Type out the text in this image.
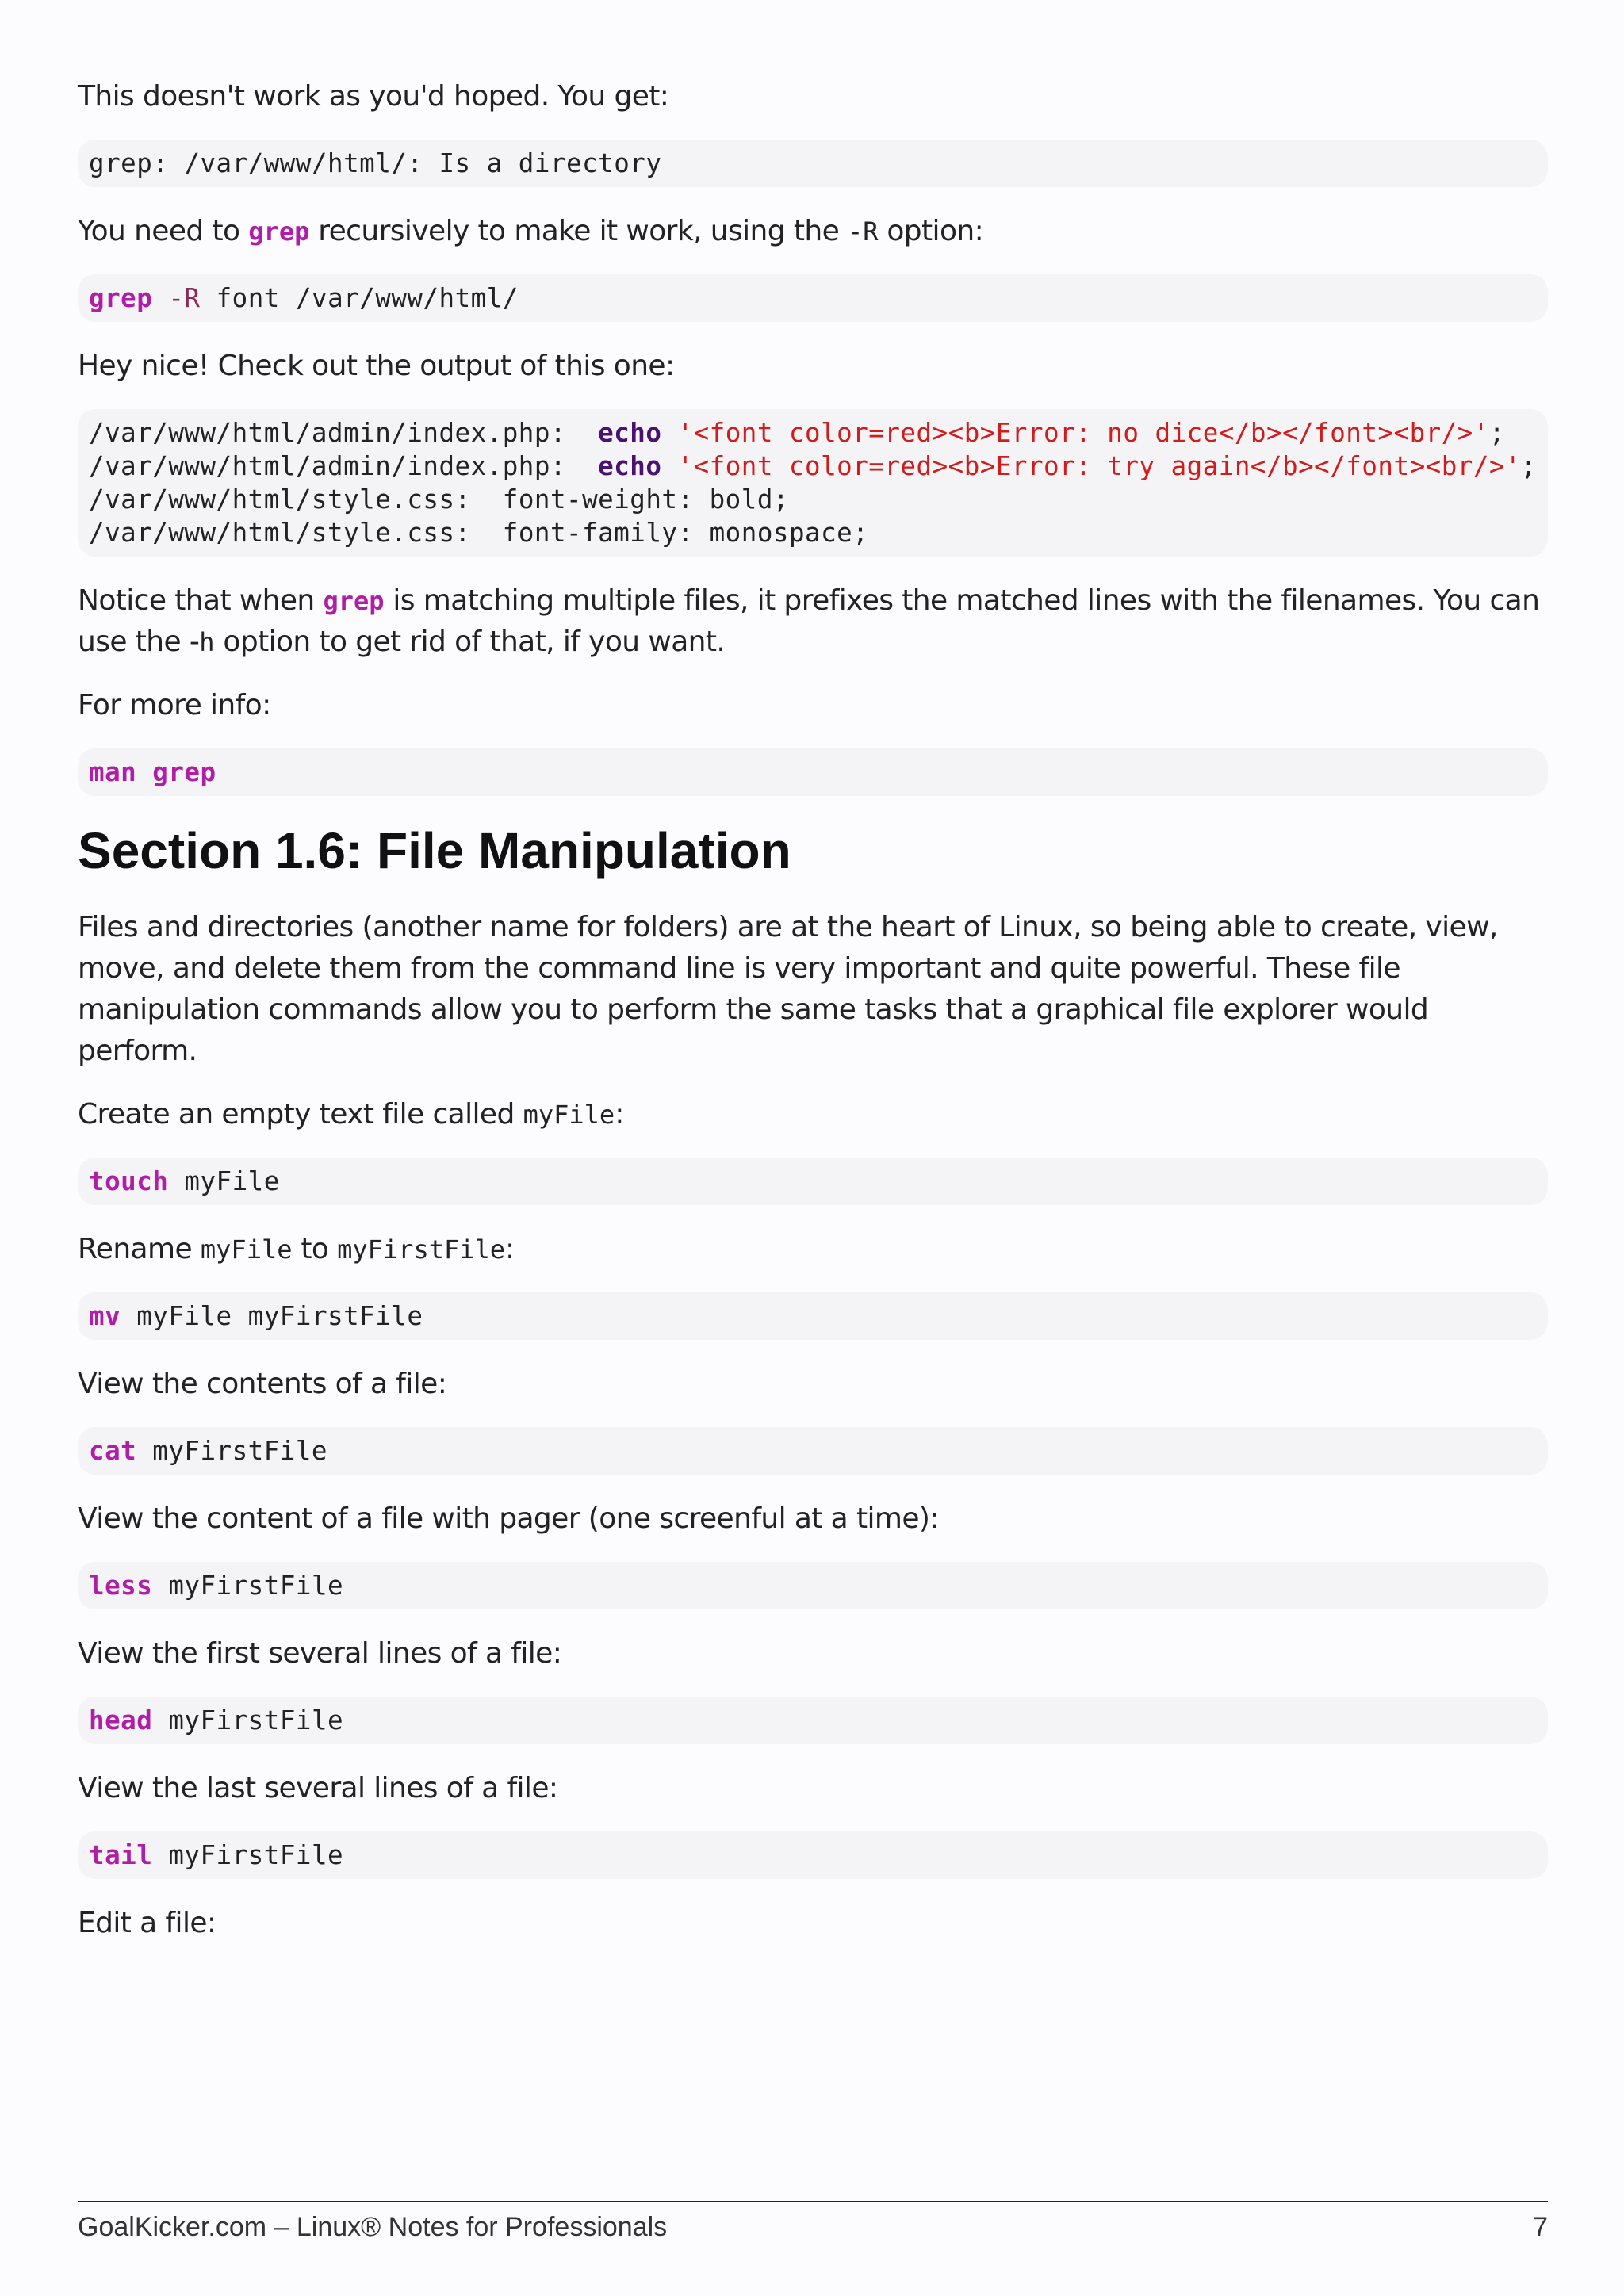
This doesn't work as you'd hoped. You get:

grep: /var/www/html/: Is a directory

You need to grep recursively to make it work, using the -R option:

grep -R font /var/www/html/

Hey nice! Check out the output of this one:

/var/www/html/admin/index.php: echo '<font color=red><b>Error: no dice</b></font><br/>';
/var/www/html/admin/index.php: echo '<font color=red><b>Error: try again</b></font><br/>';
/var/www/html/style.css: font-weight: bold;
/var/www/html/style.css: font-family: monospace;

Notice that when grep is matching multiple files, it prefixes the matched lines with the filenames. You can use the -h option to get rid of that, if you want.

For more info:

man grep
Section 1.6: File Manipulation

Files and directories (another name for folders) are at the heart of Linux, so being able to create, view, move, and delete them from the command line is very important and quite powerful. These file manipulation commands allow you to perform the same tasks that a graphical file explorer would perform.

Create an empty text file called myFile:

touch myFile

Rename myFile to myFirstFile:

mv myFile myFirstFile

View the contents of a file:

cat myFirstFile

View the content of a file with pager (one screenful at a time):

less myFirstFile

View the first several lines of a file:

head myFirstFile

View the last several lines of a file:

tail myFirstFile

Edit a file:

GoalKicker.com – Linux® Notes for Professionals	7
